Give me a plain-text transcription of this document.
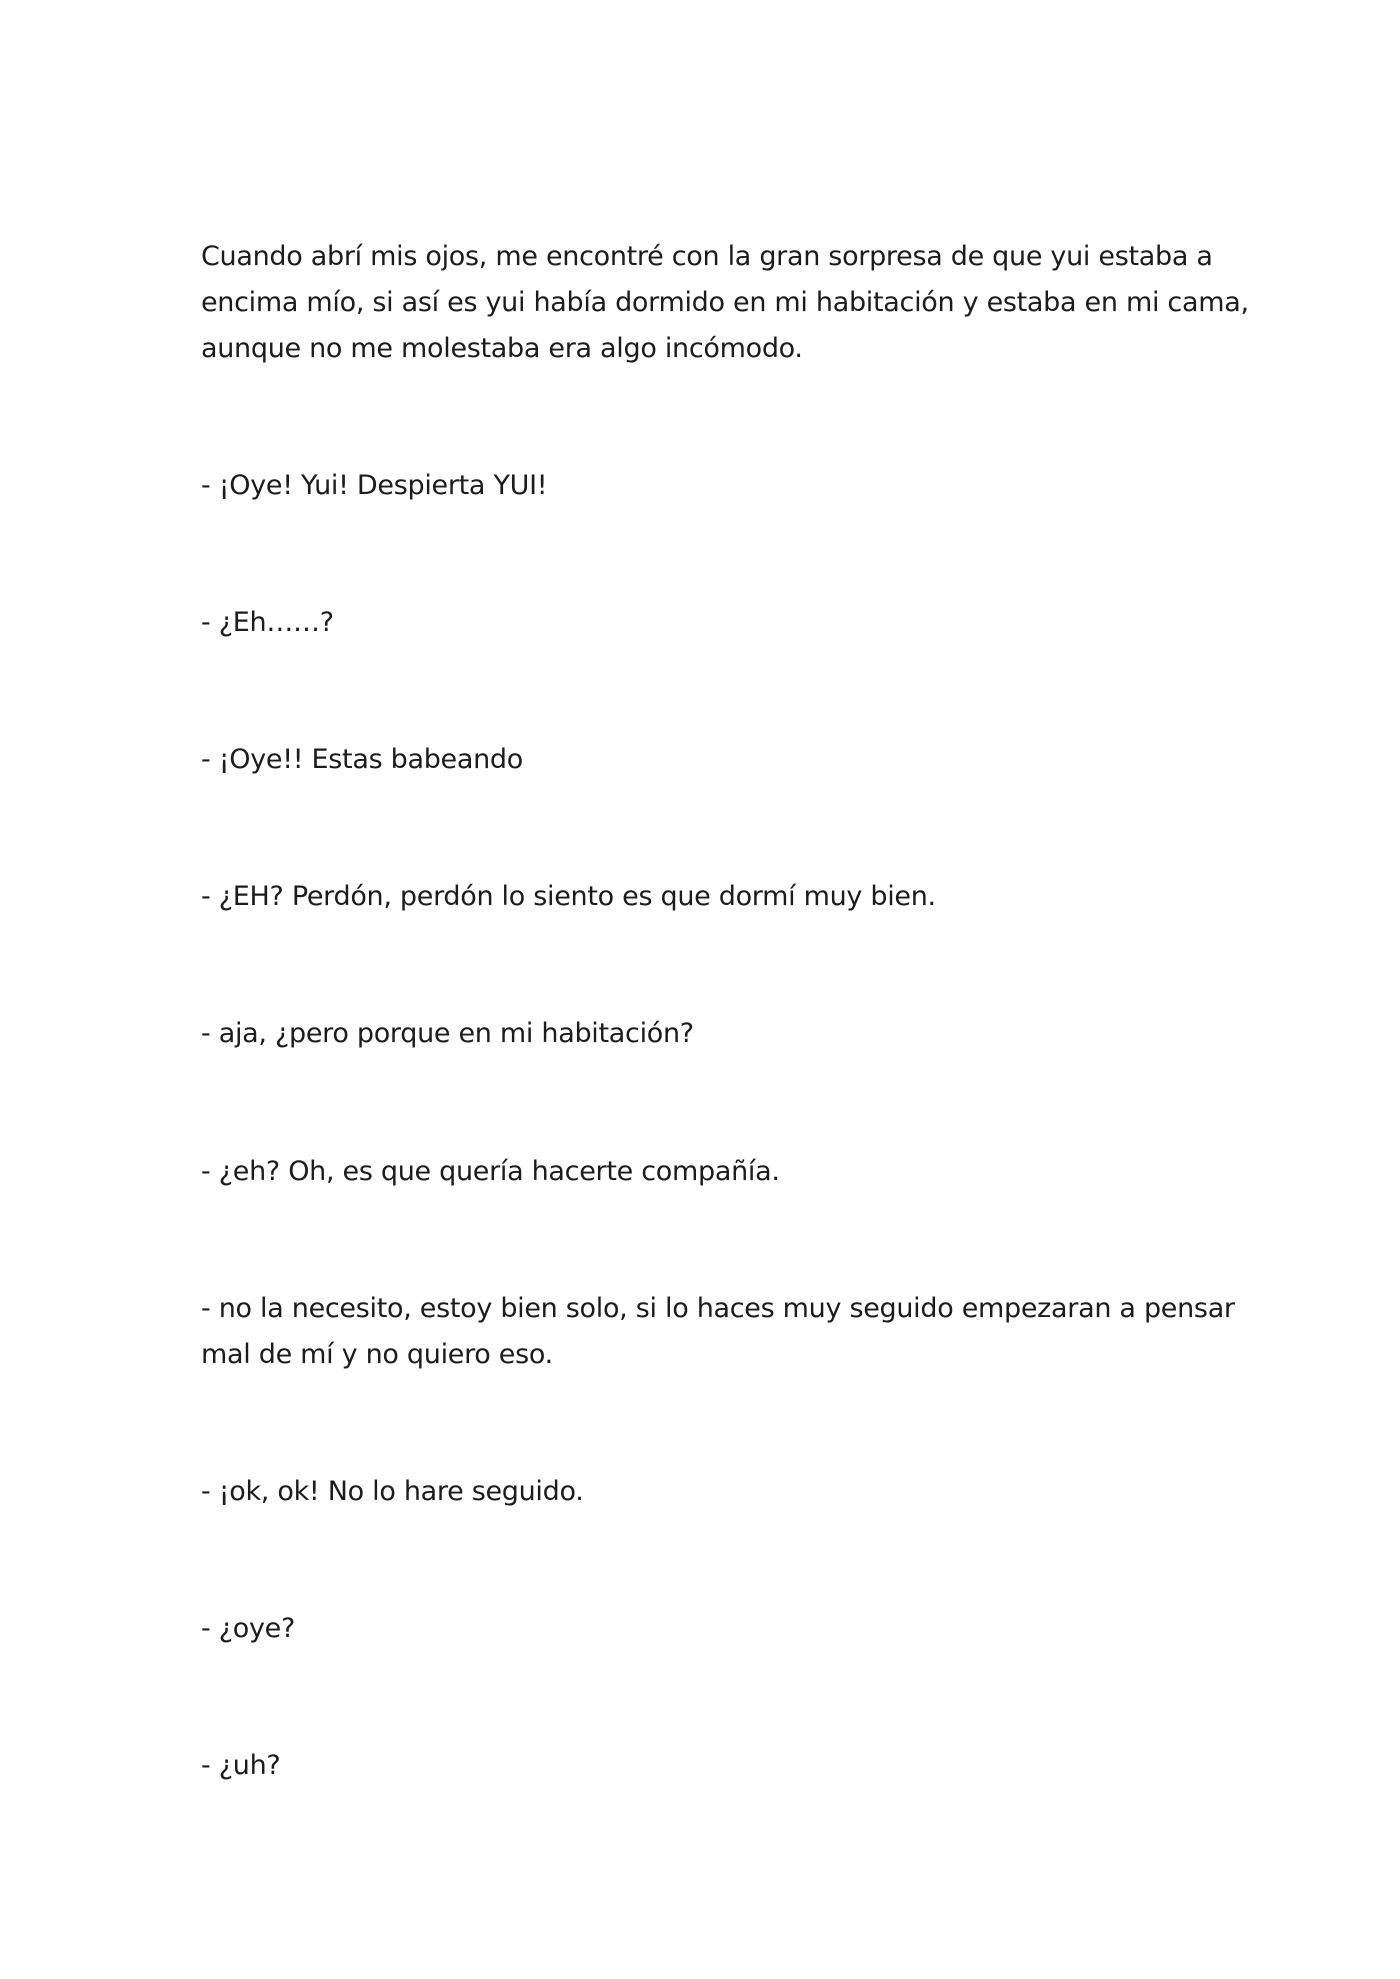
Cuando abrí mis ojos, me encontré con la gran sorpresa de que yui estaba a

encima mío, si así es yui había dormido en mi habitación y estaba en mi cama,

aunque no me molestaba era algo incómodo.

- ¡Oye! Yui! Despierta YUI!

- ¿Eh……?

- ¡Oye!! Estas babeando

- ¿EH? Perdón, perdón lo siento es que dormí muy bien.

- aja, ¿pero porque en mi habitación?

- ¿eh? Oh, es que quería hacerte compañía.

- no la necesito, estoy bien solo, si lo haces muy seguido empezaran a pensar

mal de mí y no quiero eso.

- ¡ok, ok! No lo hare seguido.

- ¿oye?

- ¿uh?
